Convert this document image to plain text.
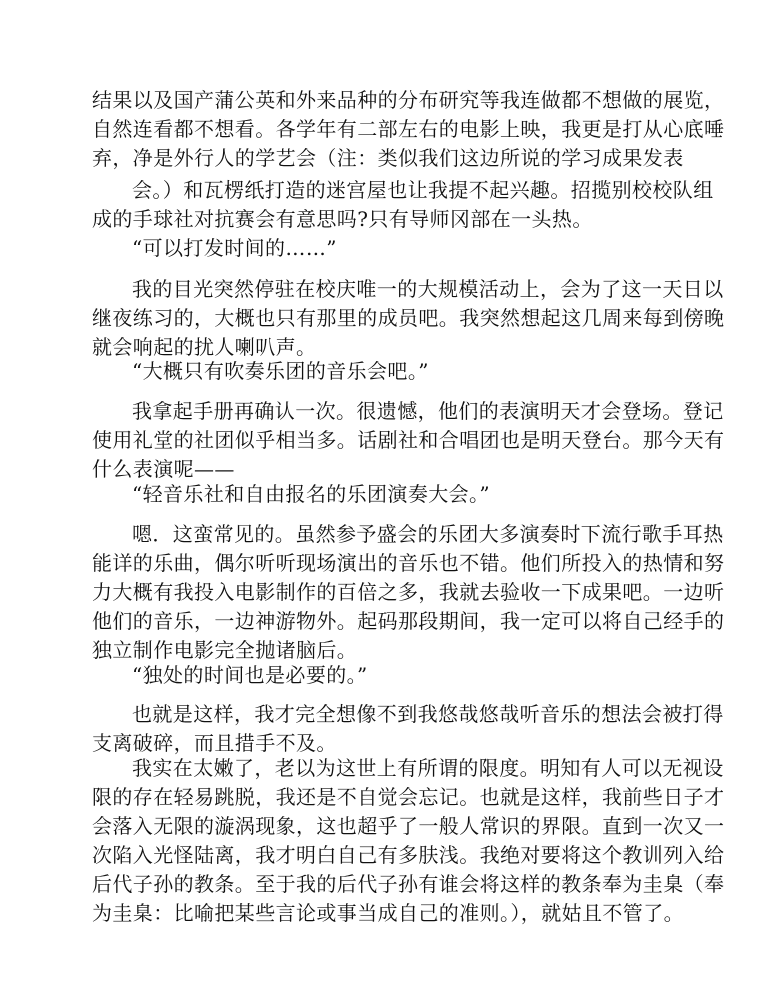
结果以及国产蒲公英和外来品种的分布研究等我连做都不想做的展览，
自然连看都不想看。各学年有二部左右的电影上映，我更是打从心底唾
弃，净是外行人的学艺会（注：类似我们这边所说的学习成果发表
会。）和瓦楞纸打造的迷宫屋也让我提不起兴趣。招揽别校校队组
成的手球社对抗赛会有意思吗?只有导师冈部在一头热。
“可以打发时间的……”
我的目光突然停驻在校庆唯一的大规模活动上，会为了这一天日以
继夜练习的，大概也只有那里的成员吧。我突然想起这几周来每到傍晚
就会响起的扰人喇叭声。
“大概只有吹奏乐团的音乐会吧。”
我拿起手册再确认一次。很遗憾，他们的表演明天才会登场。登记
使用礼堂的社团似乎相当多。话剧社和合唱团也是明天登台。那今天有
什么表演呢——
“轻音乐社和自由报名的乐团演奏大会。”
嗯．这蛮常见的。虽然参予盛会的乐团大多演奏时下流行歌手耳热
能详的乐曲，偶尔听听现场演出的音乐也不错。他们所投入的热情和努
力大概有我投入电影制作的百倍之多，我就去验收一下成果吧。一边听
他们的音乐，一边神游物外。起码那段期间，我一定可以将自己经手的
独立制作电影完全抛诸脑后。
“独处的时间也是必要的。”
也就是这样，我才完全想像不到我悠哉悠哉听音乐的想法会被打得
支离破碎，而且措手不及。
我实在太嫩了，老以为这世上有所谓的限度。明知有人可以无视设
限的存在轻易跳脱，我还是不自觉会忘记。也就是这样，我前些日子才
会落入无限的漩涡现象，这也超乎了一般人常识的界限。直到一次又一
次陷入光怪陆离，我才明白自己有多肤浅。我绝对要将这个教训列入给
后代子孙的教条。至于我的后代子孙有谁会将这样的教条奉为圭臬（奉
为圭臬：比喻把某些言论或事当成自己的准则。），就姑且不管了。
